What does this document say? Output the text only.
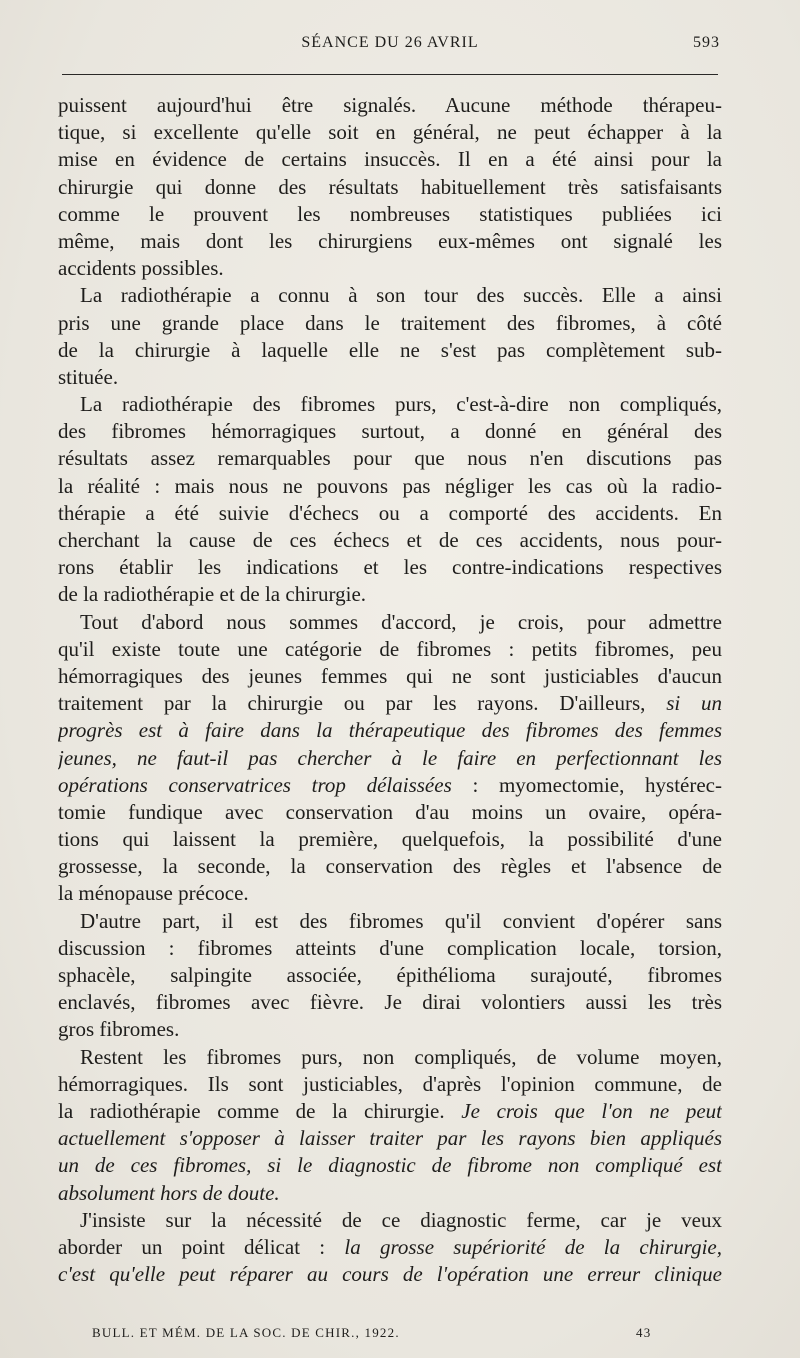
SÉANCE DU 26 AVRIL	593
puissent aujourd'hui être signalés. Aucune méthode thérapeu-
tique, si excellente qu'elle soit en général, ne peut échapper à la
mise en évidence de certains insuccès. Il en a été ainsi pour la
chirurgie qui donne des résultats habituellement très satisfaisants
comme le prouvent les nombreuses statistiques publiées ici
même, mais dont les chirurgiens eux-mêmes ont signalé les
accidents possibles.
La radiothérapie a connu à son tour des succès. Elle a ainsi
pris une grande place dans le traitement des fibromes, à côté
de la chirurgie à laquelle elle ne s'est pas complètement sub-
stituée.
La radiothérapie des fibromes purs, c'est-à-dire non compliqués,
des fibromes hémorragiques surtout, a donné en général des
résultats assez remarquables pour que nous n'en discutions pas
la réalité : mais nous ne pouvons pas négliger les cas où la radio-
thérapie a été suivie d'échecs ou a comporté des accidents. En
cherchant la cause de ces échecs et de ces accidents, nous pour-
rons établir les indications et les contre-indications respectives
de la radiothérapie et de la chirurgie.
Tout d'abord nous sommes d'accord, je crois, pour admettre
qu'il existe toute une catégorie de fibromes : petits fibromes, peu
hémorragiques des jeunes femmes qui ne sont justiciables d'aucun
traitement par la chirurgie ou par les rayons. D'ailleurs, si un
progrès est à faire dans la thérapeutique des fibromes des femmes
jeunes, ne faut-il pas chercher à le faire en perfectionnant les
opérations conservatrices trop délaissées : myomectomie, hystérec-
tomie fundique avec conservation d'au moins un ovaire, opéra-
tions qui laissent la première, quelquefois, la possibilité d'une
grossesse, la seconde, la conservation des règles et l'absence de
la ménopause précoce.
D'autre part, il est des fibromes qu'il convient d'opérer sans
discussion : fibromes atteints d'une complication locale, torsion,
sphacèle, salpingite associée, épithélioma surajouté, fibromes
enclavés, fibromes avec fièvre. Je dirai volontiers aussi les très
gros fibromes.
Restent les fibromes purs, non compliqués, de volume moyen,
hémorragiques. Ils sont justiciables, d'après l'opinion commune, de
la radiothérapie comme de la chirurgie. Je crois que l'on ne peut
actuellement s'opposer à laisser traiter par les rayons bien appliqués
un de ces fibromes, si le diagnostic de fibrome non compliqué est
absolument hors de doute.
J'insiste sur la nécessité de ce diagnostic ferme, car je veux
aborder un point délicat : la grosse supériorité de la chirurgie,
c'est qu'elle peut réparer au cours de l'opération une erreur clinique
BULL. ET MÉM. DE LA SOC. DE CHIR., 1922.	43
